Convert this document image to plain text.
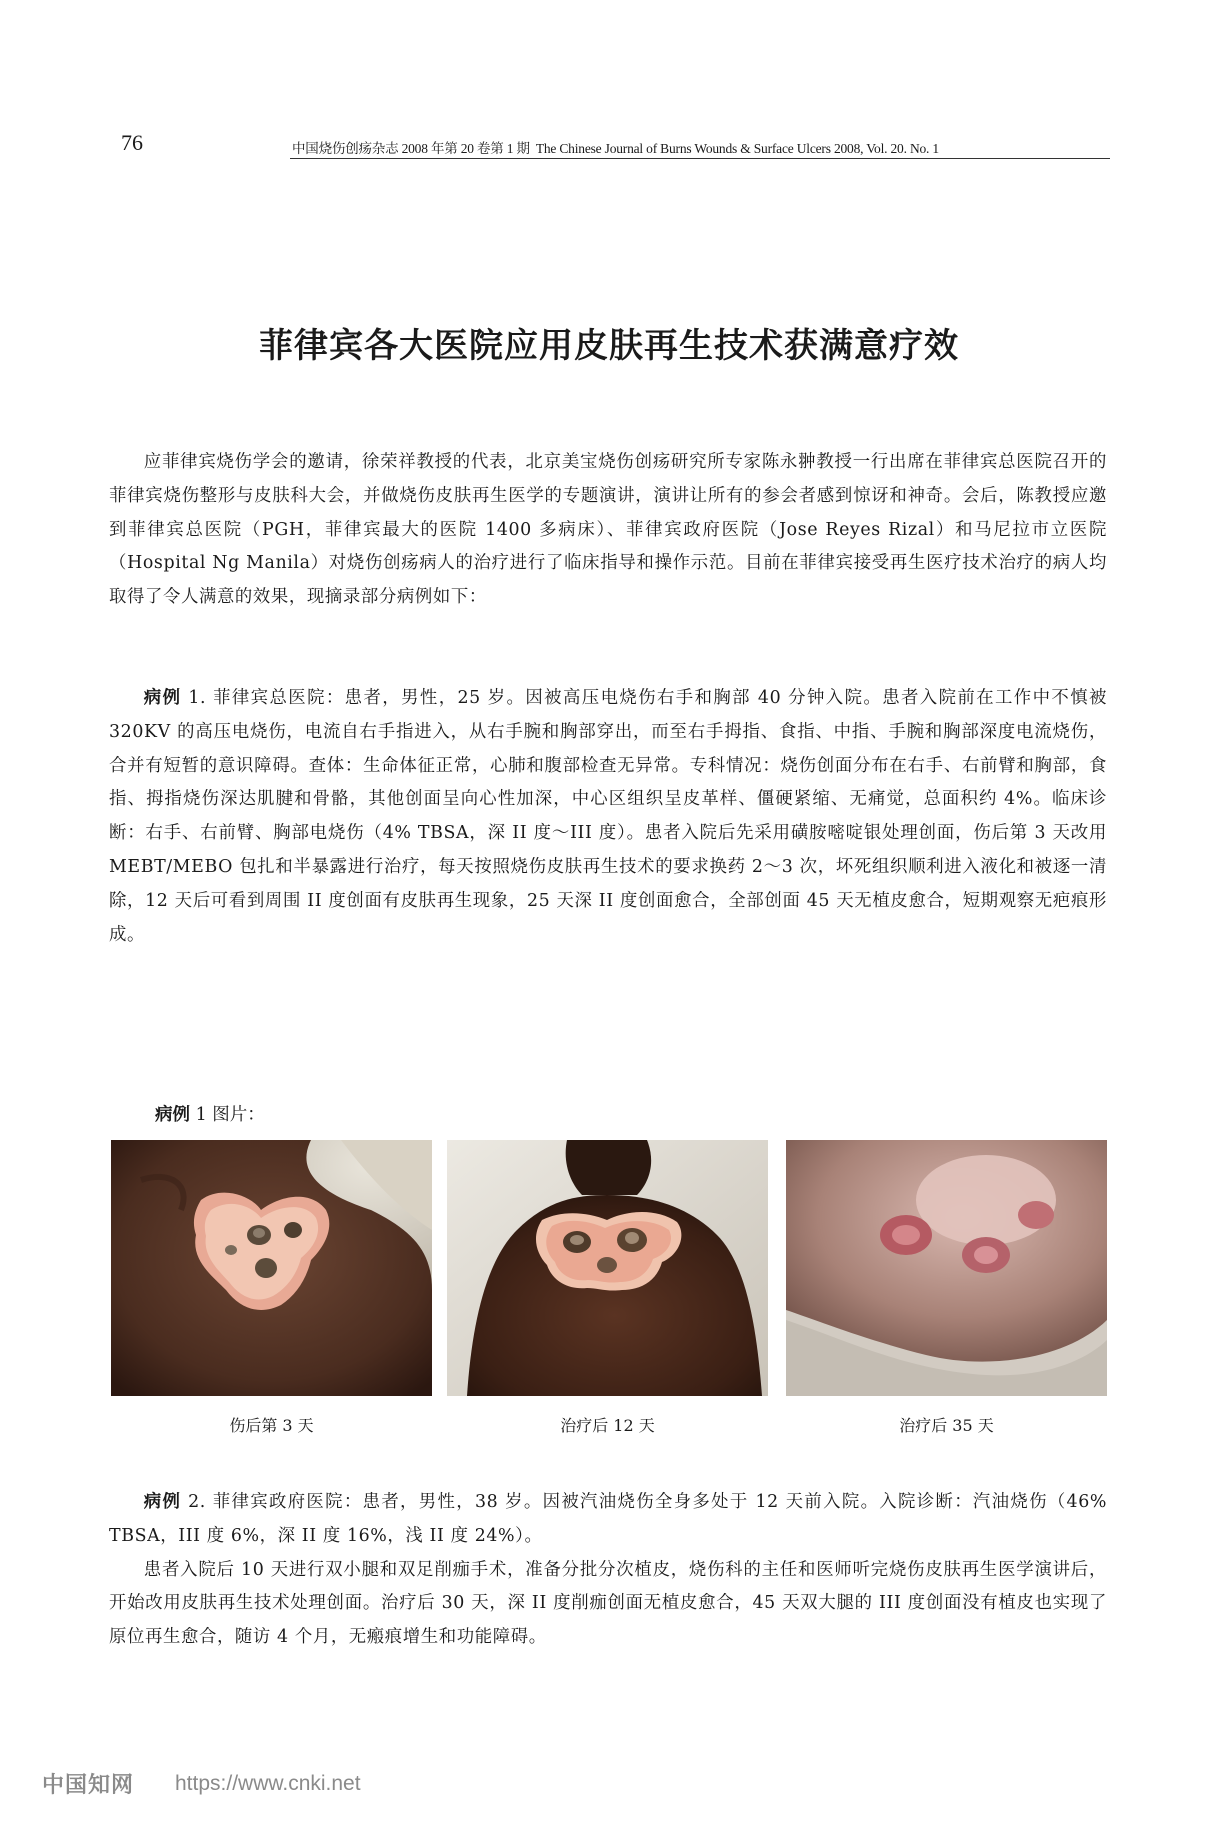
76	中国烧伤创疡杂志 2008 年第 20 卷第 1 期 The Chinese Journal of Burns Wounds & Surface Ulcers 2008, Vol. 20. No. 1
菲律宾各大医院应用皮肤再生技术获满意疗效

应菲律宾烧伤学会的邀请，徐荣祥教授的代表，北京美宝烧伤创疡研究所专家陈永翀教授一行出席在菲律宾总医院召开的菲律宾烧伤整形与皮肤科大会，并做烧伤皮肤再生医学的专题演讲，演讲让所有的参会者感到惊讶和神奇。会后，陈教授应邀到菲律宾总医院（PGH，菲律宾最大的医院 1400 多病床）、菲律宾政府医院（Jose Reyes Rizal）和马尼拉市立医院（Hospital Ng Manila）对烧伤创疡病人的治疗进行了临床指导和操作示范。目前在菲律宾接受再生医疗技术治疗的病人均取得了令人满意的效果，现摘录部分病例如下：

病例 1. 菲律宾总医院：患者，男性，25 岁。因被高压电烧伤右手和胸部 40 分钟入院。患者入院前在工作中不慎被 320KV 的高压电烧伤，电流自右手指进入，从右手腕和胸部穿出，而至右手拇指、食指、中指、手腕和胸部深度电流烧伤，合并有短暂的意识障碍。查体：生命体征正常，心肺和腹部检查无异常。专科情况：烧伤创面分布在右手、右前臂和胸部，食指、拇指烧伤深达肌腱和骨骼，其他创面呈向心性加深，中心区组织呈皮革样、僵硬紧缩、无痛觉，总面积约 4%。临床诊断：右手、右前臂、胸部电烧伤（4% TBSA，深 II 度～III 度）。患者入院后先采用磺胺嘧啶银处理创面，伤后第 3 天改用 MEBT/MEBO 包扎和半暴露进行治疗，每天按照烧伤皮肤再生技术的要求换药 2～3 次，坏死组织顺利进入液化和被逐一清除，12 天后可看到周围 II 度创面有皮肤再生现象，25 天深 II 度创面愈合，全部创面 45 天无植皮愈合，短期观察无疤痕形成。

病例 1 图片：
伤后第 3 天	治疗后 12 天	治疗后 35 天

病例 2. 菲律宾政府医院：患者，男性，38 岁。因被汽油烧伤全身多处于 12 天前入院。入院诊断：汽油烧伤（46% TBSA，III 度 6%，深 II 度 16%，浅 II 度 24%）。

患者入院后 10 天进行双小腿和双足削痂手术，准备分批分次植皮，烧伤科的主任和医师听完烧伤皮肤再生医学演讲后，开始改用皮肤再生技术处理创面。治疗后 30 天，深 II 度削痂创面无植皮愈合，45 天双大腿的 III 度创面没有植皮也实现了原位再生愈合，随访 4 个月，无瘢痕增生和功能障碍。

中国知网 https://www.cnki.net
